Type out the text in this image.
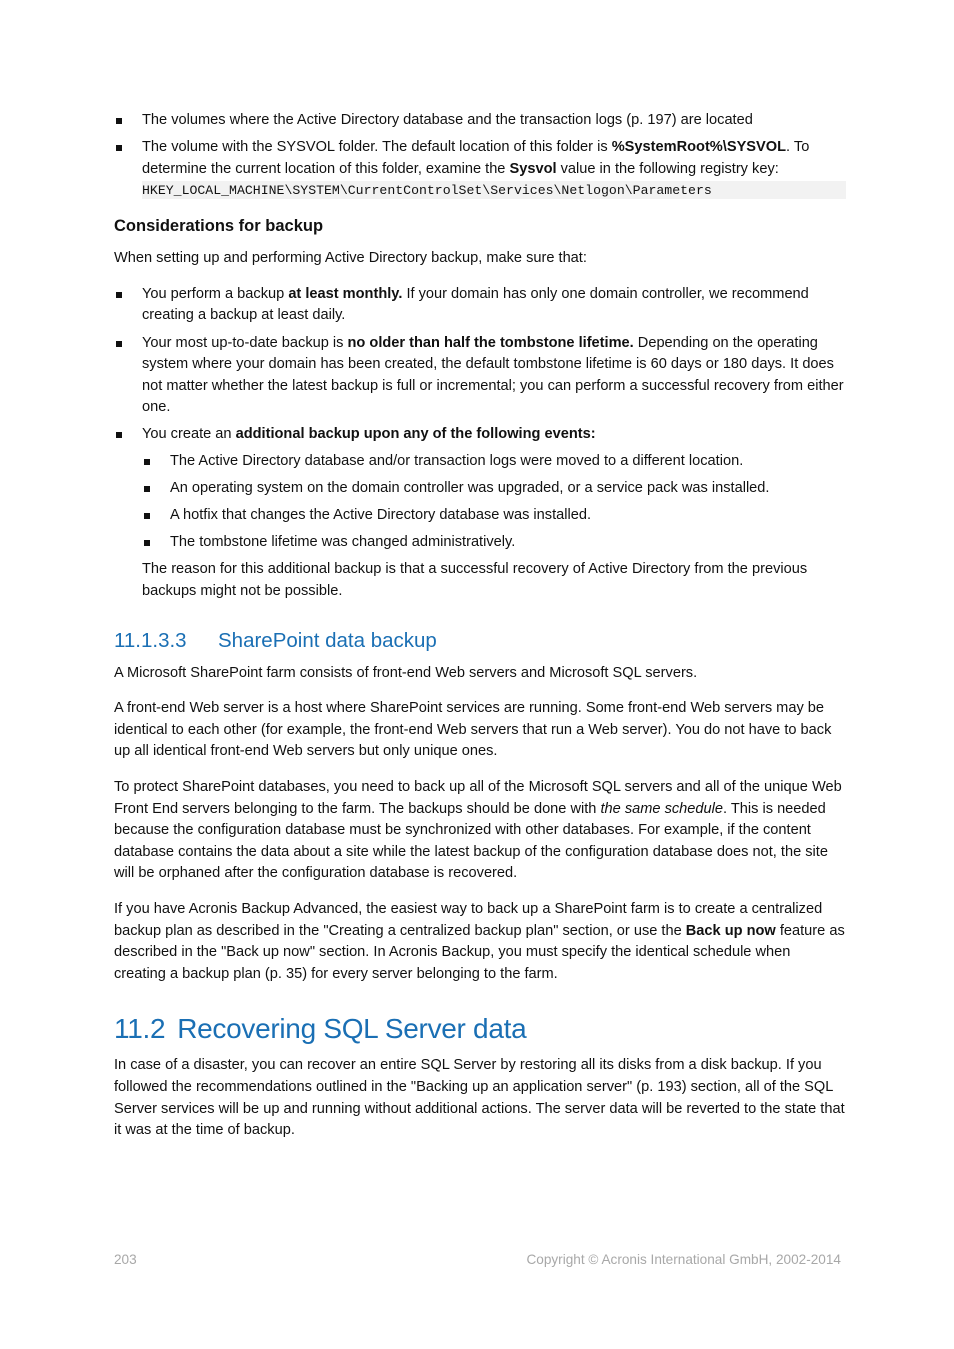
The volumes where the Active Directory database and the transaction logs (p. 197) are located
The volume with the SYSVOL folder. The default location of this folder is %SystemRoot%\SYSVOL. To determine the current location of this folder, examine the Sysvol value in the following registry key:
HKEY_LOCAL_MACHINE\SYSTEM\CurrentControlSet\Services\Netlogon\Parameters
Considerations for backup

When setting up and performing Active Directory backup, make sure that:

You perform a backup at least monthly. If your domain has only one domain controller, we recommend creating a backup at least daily.
Your most up-to-date backup is no older than half the tombstone lifetime. Depending on the operating system where your domain has been created, the default tombstone lifetime is 60 days or 180 days. It does not matter whether the latest backup is full or incremental; you can perform a successful recovery from either one.
You create an additional backup upon any of the following events:
The Active Directory database and/or transaction logs were moved to a different location.
An operating system on the domain controller was upgraded, or a service pack was installed.
A hotfix that changes the Active Directory database was installed.
The tombstone lifetime was changed administratively.

The reason for this additional backup is that a successful recovery of Active Directory from the previous backups might not be possible.

11.1.3.3 SharePoint data backup

A Microsoft SharePoint farm consists of front-end Web servers and Microsoft SQL servers.

A front-end Web server is a host where SharePoint services are running. Some front-end Web servers may be identical to each other (for example, the front-end Web servers that run a Web server). You do not have to back up all identical front-end Web servers but only unique ones.

To protect SharePoint databases, you need to back up all of the Microsoft SQL servers and all of the unique Web Front End servers belonging to the farm. The backups should be done with the same schedule. This is needed because the configuration database must be synchronized with other databases. For example, if the content database contains the data about a site while the latest backup of the configuration database does not, the site will be orphaned after the configuration database is recovered.

If you have Acronis Backup Advanced, the easiest way to back up a SharePoint farm is to create a centralized backup plan as described in the "Creating a centralized backup plan" section, or use the Back up now feature as described in the "Back up now" section. In Acronis Backup, you must specify the identical schedule when creating a backup plan (p. 35) for every server belonging to the farm.

11.2 Recovering SQL Server data

In case of a disaster, you can recover an entire SQL Server by restoring all its disks from a disk backup. If you followed the recommendations outlined in the "Backing up an application server" (p. 193) section, all of the SQL Server services will be up and running without additional actions. The server data will be reverted to the state that it was at the time of backup.

203	Copyright © Acronis International GmbH, 2002-2014
